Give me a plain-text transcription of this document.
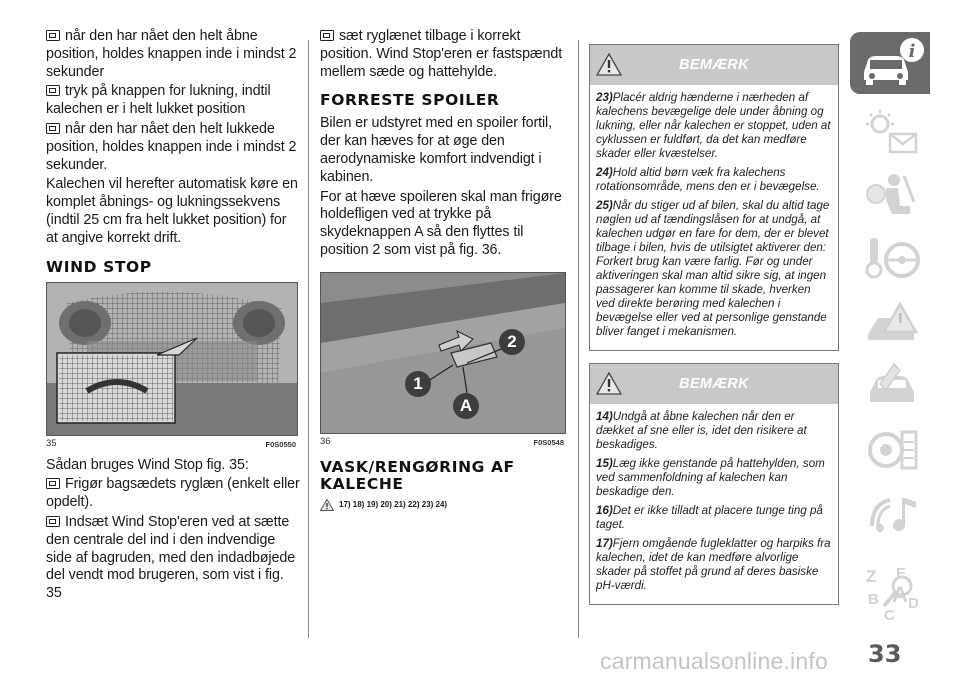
når den har nået den helt åbne position, holdes knappen inde i mindst 2 sekunder

tryk på knappen for lukning, indtil kalechen er i helt lukket position

når den har nået den helt lukkede position, holdes knappen inde i mindst 2 sekunder.

Kalechen vil herefter automatisk køre en komplet åbnings- og lukningssekvens (indtil 25 cm fra helt lukket position) for at angive korrekt drift.

WIND STOP
35	F0S0550

Sådan bruges Wind Stop fig. 35:

Frigør bagsædets ryglæn (enkelt eller opdelt).

Indsæt Wind Stop'eren ved at sætte den centrale del ind i den indvendige side af bagruden, med den indadbøjede del vendt mod brugeren, som vist i fig. 35

sæt ryglænet tilbage i korrekt position. Wind Stop'eren er fastspændt mellem sæde og hattehylde.

FORRESTE SPOILER

Bilen er udstyret med en spoiler fortil, der kan hæves for at øge den aerodynamiske komfort indvendigt i kabinen.

For at hæve spoileren skal man frigøre holdefligen ved at trykke på skydeknappen A så den flyttes til position 2 som vist på fig. 36.

2
1
A
36	F0S0548
VASK/RENGØRING AF KALECHE
17) 18) 19) 20) 21) 22) 23) 24)
BEMÆRK

23)Placér aldrig hænderne i nærheden af kalechens bevægelige dele under åbning og lukning, eller når kalechen er stoppet, uden at cyklussen er fuldført, da det kan medføre skader eller kvæstelser.

24)Hold altid børn væk fra kalechens rotationsområde, mens den er i bevægelse.

25)Når du stiger ud af bilen, skal du altid tage nøglen ud af tændingslåsen for at undgå, at kalechen udgør en fare for dem, der er blevet tilbage i bilen, hvis de utilsigtet aktiverer den: Forkert brug kan være farlig. Før og under aktiveringen skal man altid sikre sig, at ingen passagerer kan komme til skade, hverken ved direkte berøring med kalechen i bevægelse eller ved at personlige genstande bliver fanget i mekanismen.

BEMÆRK

14)Undgå at åbne kalechen når den er dækket af sne eller is, idet den risikere at beskadiges.

15)Læg ikke genstande på hattehylden, som ved sammenfoldning af kalechen kan beskadige den.

16)Det er ikke tilladt at placere tunge ting på taget.

17)Fjern omgående fugleklatter og harpiks fra kalechen, idet de kan medføre alvorlige skader på stoffet på grund af deres basiske pH-værdi.

i
Z E
B A D
C
33
carmanualsonline.info
